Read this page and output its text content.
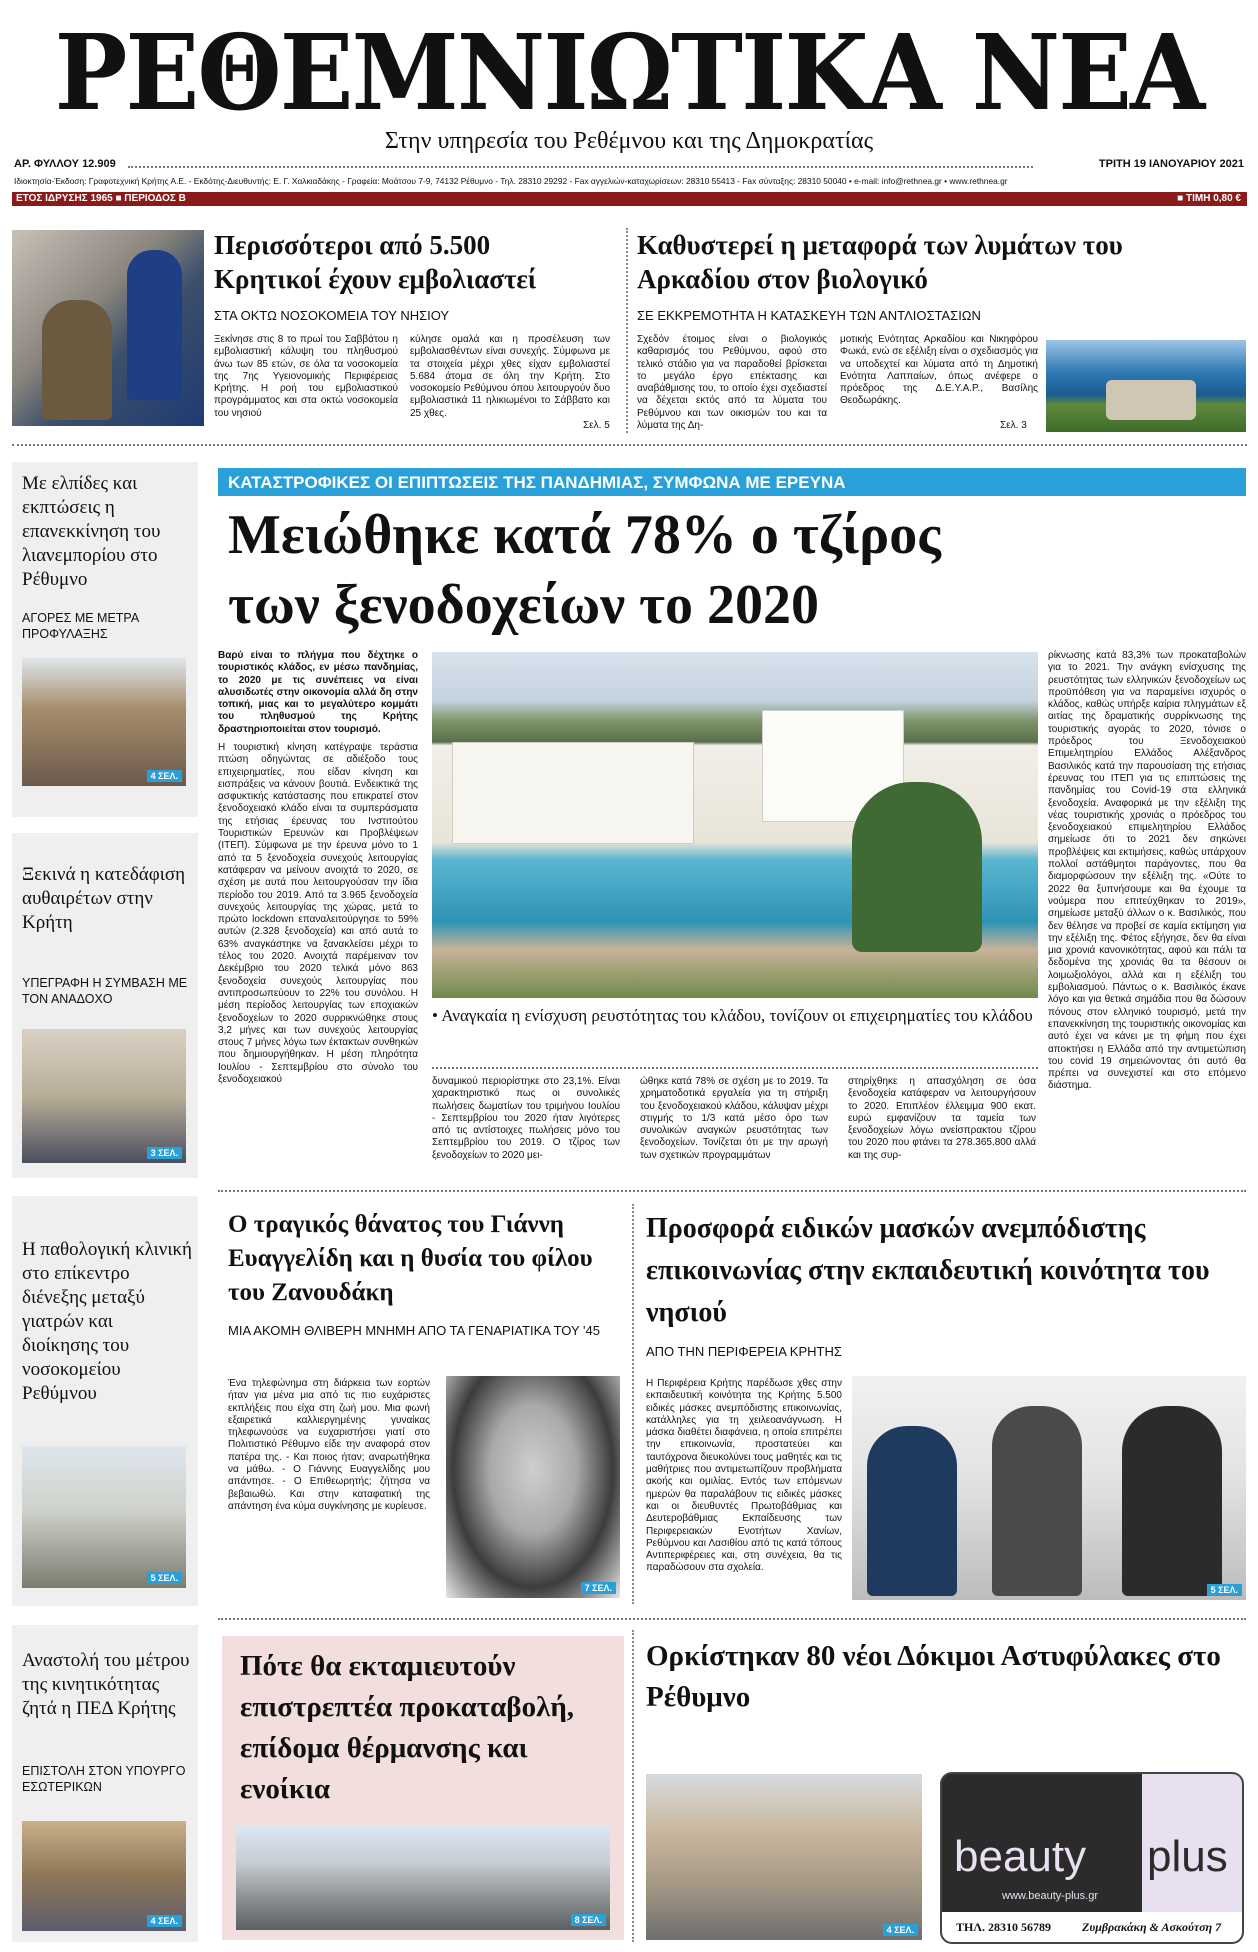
ΡΕΘΕΜΝΙΩΤΙΚΑ ΝΕΑ
Στην υπηρεσία του Ρεθέμνου και της Δημοκρατίας
ΑΡ. ΦΥΛΛΟΥ 12.909	ΤΡΙΤΗ 19 ΙΑΝΟΥΑΡΙΟΥ 2021
Ιδιοκτησία-Έκδοση: Γραφοτεχνική Κρήτης Α.Ε. - Εκδότης-Διευθυντής: Ε. Γ. Χαλκιαδάκης - Γραφεία: Μοάτσου 7-9, 74132 Ρέθυμνο - Τηλ. 28310 29292 - Fax αγγελιών-καταχωρίσεων: 28310 55413 - Fax σύνταξης: 28310 50040 • e-mail: info@rethnea.gr • www.rethnea.gr
ΕΤΟΣ ΙΔΡΥΣΗΣ 1965 ■ ΠΕΡΙΟΔΟΣ Β	■ ΤΙΜΗ 0,80 €
Περισσότεροι από 5.500 Κρητικοί έχουν εμβολιαστεί
ΣΤΑ ΟΚΤΩ ΝΟΣΟΚΟΜΕΙΑ ΤΟΥ ΝΗΣΙΟΥ
Ξεκίνησε στις 8 το πρωί του Σαββάτου η εμβολιαστική κάλυψη του πληθυσμού άνω των 85 ετών, σε όλα τα νοσοκομεία της 7ης Υγειονομικής Περιφέρειας Κρήτης. Η ροή του εμβολιαστικού προγράμματος και στα οκτώ νοσοκομεία του νησιού
κύλησε ομαλά και η προσέλευση των εμβολιασθέντων είναι συνεχής. Σύμφωνα με τα στοιχεία μέχρι χθες είχαν εμβολιαστεί 5.684 άτομα σε όλη την Κρήτη. Στο νοσοκομείο Ρεθύμνου όπου λειτουργούν δυο εμβολιαστικά 11 ηλικιωμένοι το Σάββατο και 25 χθες.
Σελ. 5
Καθυστερεί η μεταφορά των λυμάτων του Αρκαδίου στον βιολογικό
ΣΕ ΕΚΚΡΕΜΟΤΗΤΑ Η ΚΑΤΑΣΚΕΥΗ ΤΩΝ ΑΝΤΛΙΟΣΤΑΣΙΩΝ
Σχεδόν έτοιμος είναι ο βιολογικός καθαρισμός του Ρεθύμνου, αφού στο τελικό στάδιο για να παραδοθεί βρίσκεται το μεγάλο έργο επέκτασης και αναβάθμισης του, το οποίο έχει σχεδιαστεί να δέχεται εκτός από τα λύματα του Ρεθύμνου και των οικισμών του και τα λύματα της Δη-
μοτικής Ενότητας Αρκαδίου και Νικηφόρου Φωκά, ενώ σε εξέλιξη είναι ο σχεδιασμός για να υποδεχτεί και λύματα από τη Δημοτική Ενότητα Λαππαίων, όπως ανέφερε ο πρόεδρος της Δ.Ε.Υ.Α.Ρ., Βασίλης Θεοδωράκης.
Σελ. 3
Με ελπίδες και εκπτώσεις η επανεκκίνηση του λιανεμπορίου στο Ρέθυμνο
ΑΓΟΡΕΣ ΜΕ ΜΕΤΡΑ ΠΡΟΦΥΛΑΞΗΣ
4 ΣΕΛ.
Ξεκινά η κατεδάφιση αυθαιρέτων στην Κρήτη
ΥΠΕΓΡΑΦΗ Η ΣΥΜΒΑΣΗ ΜΕ ΤΟΝ ΑΝΑΔΟΧΟ
3 ΣΕΛ.
Η παθολογική κλινική στο επίκεντρο διένεξης μεταξύ γιατρών και διοίκησης του νοσοκομείου Ρεθύμνου
5 ΣΕΛ.
Αναστολή του μέτρου της κινητικότητας ζητά η ΠΕΔ Κρήτης
ΕΠΙΣΤΟΛΗ ΣΤΟΝ ΥΠΟΥΡΓΟ ΕΣΩΤΕΡΙΚΩΝ
4 ΣΕΛ.
ΚΑΤΑΣΤΡΟΦΙΚΕΣ ΟΙ ΕΠΙΠΤΩΣΕΙΣ ΤΗΣ ΠΑΝΔΗΜΙΑΣ, ΣΥΜΦΩΝΑ ΜΕ ΕΡΕΥΝΑ
Μειώθηκε κατά 78% ο τζίρος των ξενοδοχείων το 2020
Βαρύ είναι το πλήγμα που δέχτηκε ο τουριστικός κλάδος, εν μέσω πανδημίας, το 2020 με τις συνέπειες να είναι αλυσιδωτές στην οικονομία αλλά δη στην τοπική, μιας και το μεγαλύτερο κομμάτι του πληθυσμού της Κρήτης δραστηριοποιείται στον τουρισμό.
Η τουριστική κίνηση κατέγραψε τεράστια πτώση οδηγώντας σε αδιέξοδο τους επιχειρηματίες, που είδαν κίνηση και εισπράξεις να κάνουν βουτιά. Ενδεικτικά της ασφυκτικής κατάστασης που επικρατεί στον ξενοδοχειακό κλάδο είναι τα συμπεράσματα της ετήσιας έρευνας του Ινστιτούτου Τουριστικών Ερευνών και Προβλέψεων (ΙΤΕΠ). Σύμφωνα με την έρευνα μόνο το 1 από τα 5 ξενοδοχεία συνεχούς λειτουργίας κατάφεραν να μείνουν ανοιχτά το 2020, σε σχέση με αυτά που λειτουργούσαν την ίδια περίοδο του 2019. Από τα 3.965 ξενοδοχεία συνεχούς λειτουργίας της χώρας, μετά το πρώτο lockdown επαναλειτούργησε το 59% αυτών (2.328 ξενοδοχεία) και από αυτά το 63% αναγκάστηκε να ξανακλείσει μέχρι το τέλος του 2020. Ανοιχτά παρέμειναν τον Δεκέμβριο του 2020 τελικά μόνο 863 ξενοδοχεία συνεχούς λειτουργίας που αντιπροσωπεύουν το 22% του συνόλου. Η μέση περίοδος λειτουργίας των εποχιακών ξενοδοχείων το 2020 συρρικνώθηκε στους 3,2 μήνες και των συνεχούς λειτουργίας στους 7 μήνες λόγω των έκτακτων συνθηκών που δημιουργήθηκαν. Η μέση πληρότητα Ιουλίου - Σεπτεμβρίου στο σύνολο του ξενοδοχειακού
• Αναγκαία η ενίσχυση ρευστότητας του κλάδου, τονίζουν οι επιχειρηματίες του κλάδου
δυναμικού περιορίστηκε στο 23,1%. Είναι χαρακτηριστικό πως οι συνολικές πωλήσεις δωματίων του τριμήνου Ιουλίου - Σεπτεμβρίου του 2020 ήταν λιγότερες από τις αντίστοιχες πωλήσεις μόνο του Σεπτεμβρίου του 2019. Ο τζίρος των ξενοδοχείων το 2020 μει-
ώθηκε κατά 78% σε σχέση με το 2019. Τα χρηματοδοτικά εργαλεία για τη στήριξη του ξενοδοχειακού κλάδου, κάλυψαν μέχρι στιγμής το 1/3 κατά μέσο όρο των συνολικών αναγκών ρευστότητας των ξενοδοχείων. Τονίζεται ότι με την αρωγή των σχετικών προγραμμάτων
στηρίχθηκε η απασχόληση σε όσα ξενοδοχεία κατάφεραν να λειτουργήσουν το 2020. Επιπλέον έλλειμμα 900 εκατ. ευρώ εμφανίζουν τα ταμεία των ξενοδοχείων λόγω ανείσπρακτου τζίρου του 2020 που φτάνει τα 278.365.800 αλλά και της συρ-
ρίκνωσης κατά 83,3% των προκαταβολών για το 2021. Την ανάγκη ενίσχυσης της ρευστότητας των ελληνικών ξενοδοχείων ως προϋπόθεση για να παραμείνει ισχυρός ο κλάδος, καθώς υπήρξε καίρια πληγμάτων εξ αιτίας της δραματικής συρρίκνωσης της τουριστικής αγοράς το 2020, τόνισε ο πρόεδρος του Ξενοδοχειακού Επιμελητηρίου Ελλάδος Αλέξανδρος Βασιλικός κατά την παρουσίαση της ετήσιας έρευνας του ΙΤΕΠ για τις επιπτώσεις της πανδημίας του Covid-19 στα ελληνικά ξενοδοχεία. Αναφορικά με την εξέλιξη της νέας τουριστικής χρονιάς ο πρόεδρος του ξενοδοχειακού επιμελητηρίου Ελλάδος σημείωσε ότι το 2021 δεν σηκώνει προβλέψεις και εκτιμήσεις, καθώς υπάρχουν πολλοί αστάθμητοι παράγοντες, που θα διαμορφώσουν την εξέλιξη της. «Ούτε το 2022 θα ξυπνήσουμε και θα έχουμε τα νούμερα που επιτεύχθηκαν το 2019», σημείωσε μεταξύ άλλων ο κ. Βασιλικός, που δεν θέλησε να προβεί σε καμία εκτίμηση για την εξέλιξη της. Φέτος εξήγησε, δεν θα είναι μια χρονιά κανονικότητας, αφού και πάλι τα δεδομένα της χρονιάς θα τα θέσουν οι λοιμωξιολόγοι, αλλά και η εξέλιξη του εμβολιασμού. Πάντως ο κ. Βασιλικός έκανε λόγο και για θετικά σημάδια που θα δώσουν πόνους στον ελληνικό τουρισμό, μετά την επανεκκίνηση της τουριστικής οικονομίας και αυτό έχει να κάνει με τη φήμη που έχει αποκτήσει η Ελλάδα από την αντιμετώπιση του covid 19 σημειώνοντας ότι αυτό θα πρέπει να συνεχιστεί και στο επόμενο διάστημα.
Ο τραγικός θάνατος του Γιάννη Ευαγγελίδη και η θυσία του φίλου του Ζανουδάκη
ΜΙΑ ΑΚΟΜΗ ΘΛΙΒΕΡΗ ΜΝΗΜΗ ΑΠΟ ΤΑ ΓΕΝΑΡΙΑΤΙΚΑ ΤΟΥ '45
Ένα τηλεφώνημα στη διάρκεια των εορτών ήταν για μένα μια από τις πιο ευχάριστες εκπλήξεις που είχα στη ζωή μου. Μια φωνή εξαιρετικά καλλιεργημένης γυναίκας τηλεφωνούσε να ευχαριστήσει γιατί στο Πολιτιστικό Ρέθυμνο είδε την αναφορά στον πατέρα της. - Και ποιος ήταν; αναρωτήθηκα να μάθω. - Ο Γιάννης Ευαγγελίδης μου απάντησε. - Ο Επιθεωρητής; ζήτησα να βεβαιωθώ. Και στην καταφατική της απάντηση ένα κύμα συγκίνησης με κυρίευσε.
7 ΣΕΛ.
Προσφορά ειδικών μασκών ανεμπόδιστης επικοινωνίας στην εκπαιδευτική κοινότητα του νησιού
ΑΠΟ ΤΗΝ ΠΕΡΙΦΕΡΕΙΑ ΚΡΗΤΗΣ
Η Περιφέρεια Κρήτης παρέδωσε χθες στην εκπαιδευτική κοινότητα της Κρήτης 5.500 ειδικές μάσκες ανεμπόδιστης επικοινωνίας, κατάλληλες για τη χειλεοανάγνωση. Η μάσκα διαθέτει διαφάνεια, η οποία επιτρέπει την επικοινωνία, προστατεύει και ταυτόχρονα διευκολύνει τους μαθητές και τις μαθήτριες που αντιμετωπίζουν προβλήματα ακοής και ομιλίας. Εντός των επόμενων ημερών θα παραλάβουν τις ειδικές μάσκες και οι διευθυντές Πρωτοβάθμιας και Δευτεροβάθμιας Εκπαίδευσης των Περιφερειακών Ενοτήτων Χανίων, Ρεθύμνου και Λασιθίου από τις κατά τόπους Αντιπεριφέρειες και, στη συνέχεια, θα τις παραδώσουν στα σχολεία.
5 ΣΕΛ.
Πότε θα εκταμιευτούν επιστρεπτέα προκαταβολή, επίδομα θέρμανσης και ενοίκια
8 ΣΕΛ.
Ορκίστηκαν 80 νέοι Δόκιμοι Αστυφύλακες στο Ρέθυμνο
4 ΣΕΛ.
beauty plus
www.beauty-plus.gr
ΤΗΛ. 28310 56789	Ζυμβρακάκη & Ασκούτση 7
